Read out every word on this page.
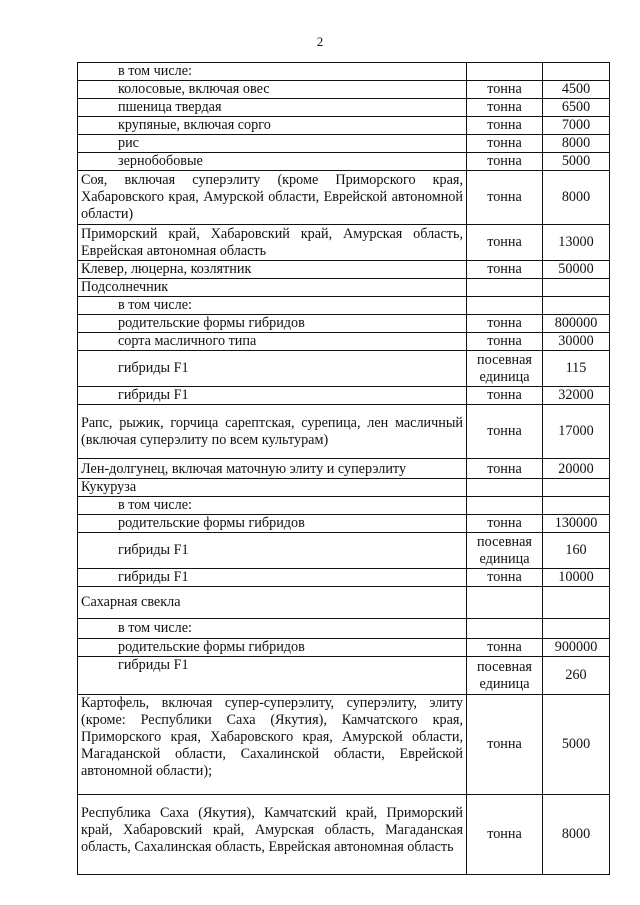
2
в том числе:		
колосовые, включая овес	тонна	4500
пшеница твердая	тонна	6500
крупяные, включая сорго	тонна	7000
рис	тонна	8000
зернобобовые	тонна	5000
Соя, включая суперэлиту (кроме Приморского края, Хабаровского края, Амурской области, Еврейской автономной области)	тонна	8000
Приморский край, Хабаровский край, Амурская область, Еврейская автономная область	тонна	13000
Клевер, люцерна, козлятник	тонна	50000
Подсолнечник		
в том числе:		
родительские формы гибридов	тонна	800000
сорта масличного типа	тонна	30000
гибриды F1	посевная единица	115
гибриды F1	тонна	32000
Рапс, рыжик, горчица сарептская, сурепица, лен масличный (включая суперэлиту по всем культурам)	тонна	17000
Лен-долгунец, включая маточную элиту и суперэлиту	тонна	20000
Кукуруза		
в том числе:		
родительские формы гибридов	тонна	130000
гибриды F1	посевная единица	160
гибриды F1	тонна	10000
Сахарная свекла		
в том числе:		
родительские формы гибридов	тонна	900000
гибриды F1	посевная единица	260
Картофель, включая супер-суперэлиту, суперэлиту, элиту (кроме: Республики Саха (Якутия), Камчатского края, Приморского края, Хабаровского края, Амурской области, Магаданской области, Сахалинской области, Еврейской автономной области);	тонна	5000
Республика Саха (Якутия), Камчатский край, Приморский край, Хабаровский край, Амурская область, Магаданская область, Сахалинская область, Еврейская автономная область	тонна	8000
